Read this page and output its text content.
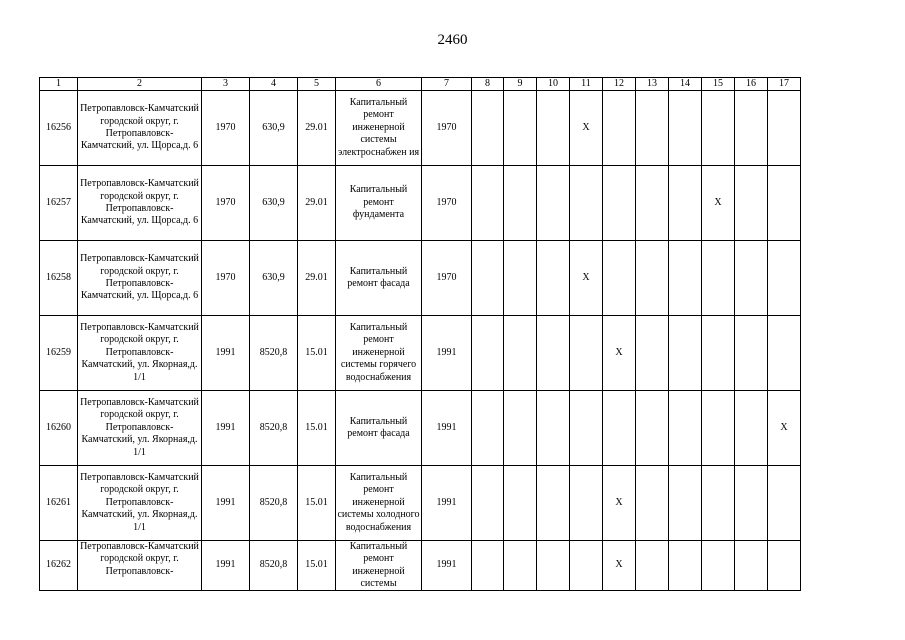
2460
1	2	3	4	5	6	7	8	9	10	11	12	13	14	15	16	17

16256	Петропавловск-Камчатский городской округ, г. Петропавловск-Камчатский, ул. Щорса,д. 6	1970	630,9	29.01	Капитальный ремонт инженерной системы электроснабжен ия	1970				X						

16257	Петропавловск-Камчатский городской округ, г. Петропавловск-Камчатский, ул. Щорса,д. 6	1970	630,9	29.01	Капитальный ремонт фундамента	1970								X		

16258	Петропавловск-Камчатский городской округ, г. Петропавловск-Камчатский, ул. Щорса,д. 6	1970	630,9	29.01	Капитальный ремонт фасада	1970				X						

16259	Петропавловск-Камчатский городской округ, г. Петропавловск-Камчатский, ул. Якорная,д. 1/1	1991	8520,8	15.01	Капитальный ремонт инженерной системы горячего водоснабжения	1991					X					

16260	Петропавловск-Камчатский городской округ, г. Петропавловск-Камчатский, ул. Якорная,д. 1/1	1991	8520,8	15.01	Капитальный ремонт фасада	1991										X

16261	Петропавловск-Камчатский городской округ, г. Петропавловск-Камчатский, ул. Якорная,д. 1/1	1991	8520,8	15.01	Капитальный ремонт инженерной системы холодного водоснабжения	1991					X					

16262	Петропавловск-Камчатский городской округ, г. Петропавловск-	1991	8520,8	15.01	Капитальный ремонт инженерной системы	1991					X					
